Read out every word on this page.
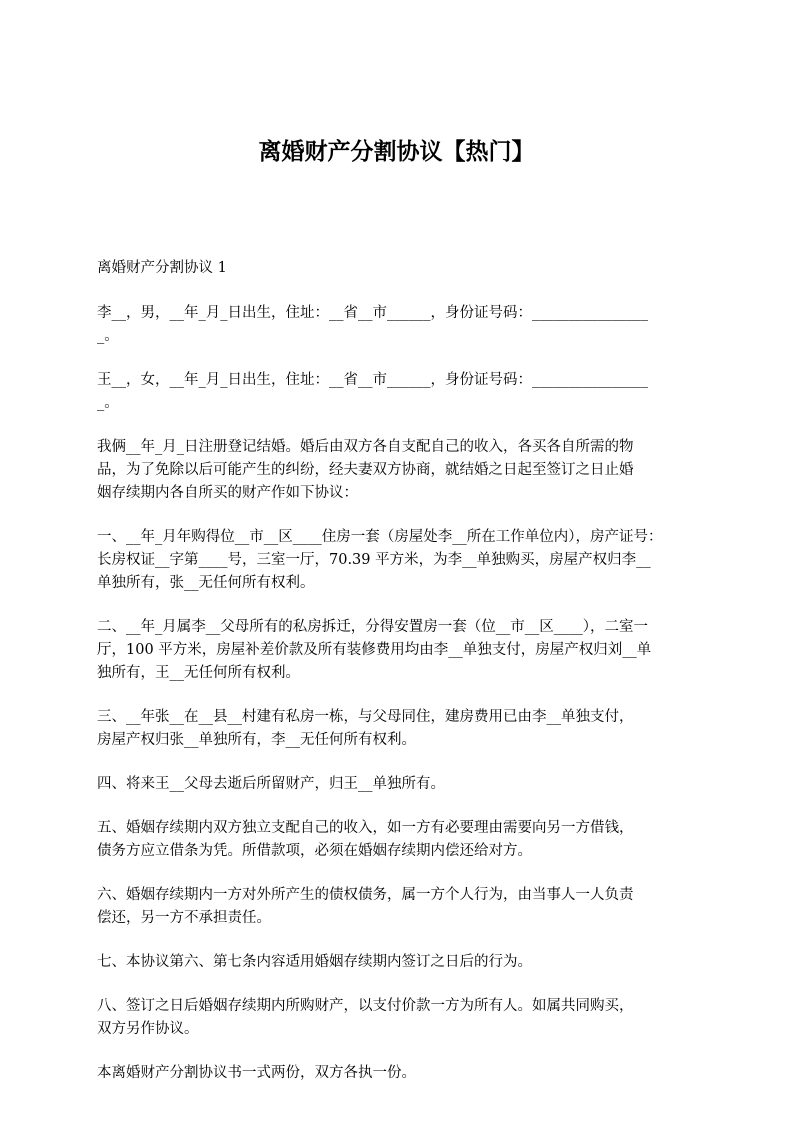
离婚财产分割协议【热门】

离婚财产分割协议 1

李__，男，__年_月_日出生，住址：__省__市______，身份证号码：________________
_。

王__，女，__年_月_日出生，住址：__省__市______，身份证号码：________________
_。

我俩__年_月_日注册登记结婚。婚后由双方各自支配自己的收入，各买各自所需的物
品，为了免除以后可能产生的纠纷，经夫妻双方协商，就结婚之日起至签订之日止婚
姻存续期内各自所买的财产作如下协议：

一、__年_月年购得位__市__区____住房一套（房屋处李__所在工作单位内），房产证号：
长房权证__字第____号，三室一厅，70.39 平方米，为李__单独购买，房屋产权归李__
单独所有，张__无任何所有权利。

二、__年_月属李__父母所有的私房拆迁，分得安置房一套（位__市__区____），二室一
厅，100 平方米，房屋补差价款及所有装修费用均由李__单独支付，房屋产权归刘__单
独所有，王__无任何所有权利。

三、__年张__在__县__村建有私房一栋，与父母同住，建房费用已由李__单独支付，
房屋产权归张__单独所有，李__无任何所有权利。

四、将来王__父母去逝后所留财产，归王__单独所有。

五、婚姻存续期内双方独立支配自己的收入，如一方有必要理由需要向另一方借钱，
债务方应立借条为凭。所借款项，必须在婚姻存续期内偿还给对方。

六、婚姻存续期内一方对外所产生的债权债务，属一方个人行为，由当事人一人负责
偿还，另一方不承担责任。

七、本协议第六、第七条内容适用婚姻存续期内签订之日后的行为。

八、签订之日后婚姻存续期内所购财产，以支付价款一方为所有人。如属共同购买，
双方另作协议。

本离婚财产分割协议书一式两份，双方各执一份。
